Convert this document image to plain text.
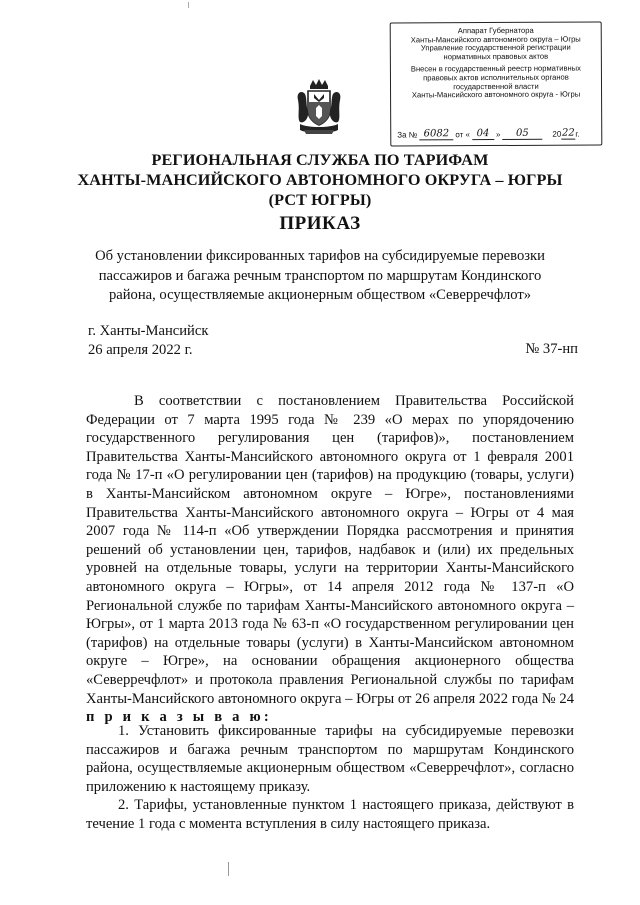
Аппарат Губернатора
Ханты-Мансийского автономного округа – Югры
Управление государственной регистрации
нормативных правовых актов
Внесен в государственный реестр нормативных
правовых актов исполнительных органов
государственной власти
Ханты-Мансийского автономного округа - Югры
За № 6082 от « 04 »	05	20 22 г.
РЕГИОНАЛЬНАЯ СЛУЖБА ПО ТАРИФАМ
ХАНТЫ-МАНСИЙСКОГО АВТОНОМНОГО ОКРУГА – ЮГРЫ
(РСТ ЮГРЫ)
ПРИКАЗ
Об установлении фиксированных тарифов на субсидируемые перевозки
пассажиров и багажа речным транспортом по маршрутам Кондинского
района, осуществляемые акционерным обществом «Северречфлот»
г. Ханты-Мансийск
26 апреля 2022 г.	№ 37-нп
В соответствии с постановлением Правительства Российской Федерации от 7 марта 1995 года № 239 «О мерах по упорядочению государственного регулирования цен (тарифов)», постановлением Правительства Ханты-Мансийского автономного округа от 1 февраля 2001 года № 17-п «О регулировании цен (тарифов) на продукцию (товары, услуги) в Ханты-Мансийском автономном округе – Югре», постановлениями Правительства Ханты-Мансийского автономного округа – Югры от 4 мая 2007 года № 114-п «Об утверждении Порядка рассмотрения и принятия решений об установлении цен, тарифов, надбавок и (или) их предельных уровней на отдельные товары, услуги на территории Ханты-Мансийского автономного округа – Югры», от 14 апреля 2012 года № 137-п «О Региональной службе по тарифам Ханты-Мансийского автономного округа – Югры», от 1 марта 2013 года № 63-п «О государственном регулировании цен (тарифов) на отдельные товары (услуги) в Ханты-Мансийском автономном округе – Югре», на основании обращения акционерного общества «Северречфлот» и протокола правления Региональной службы по тарифам Ханты-Мансийского автономного округа – Югры от 26 апреля 2022 года № 24 п р и к а з ы в а ю:

1. Установить фиксированные тарифы на субсидируемые перевозки пассажиров и багажа речным транспортом по маршрутам Кондинского района, осуществляемые акционерным обществом «Северречфлот», согласно приложению к настоящему приказу.

2. Тарифы, установленные пунктом 1 настоящего приказа, действуют в течение 1 года с момента вступления в силу настоящего приказа.
